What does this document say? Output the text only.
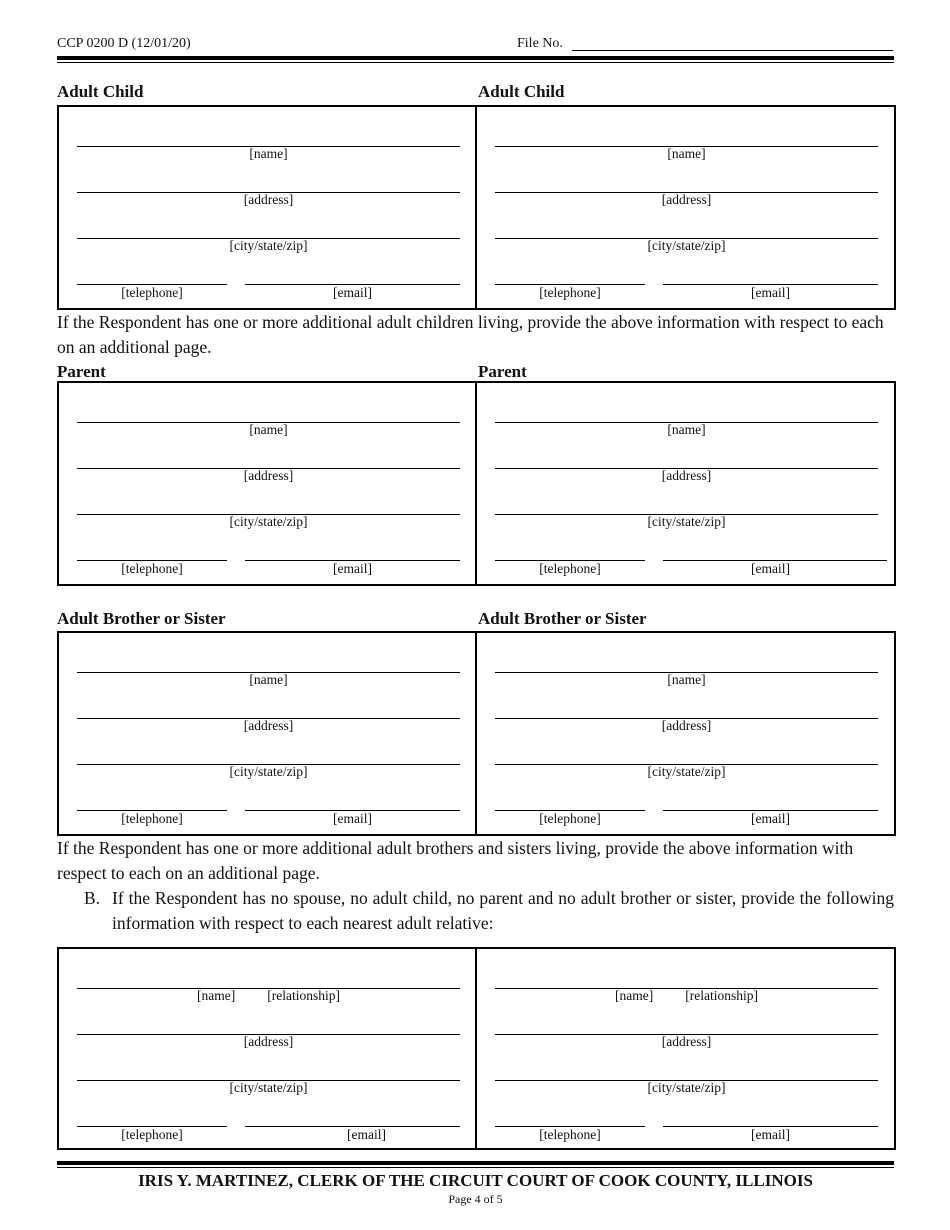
CCP 0200 D (12/01/20)	File No.
Adult Child	Adult Child
[name]
[address]
[city/state/zip]
[telephone]	[email]
[name]
[address]
[city/state/zip]
[telephone]	[email]
If the Respondent has one or more additional adult children living, provide the above information with respect to each on an additional page.
Parent	Parent
[name]
[address]
[city/state/zip]
[telephone]	[email]
[name]
[address]
[city/state/zip]
[telephone]	[email]
Adult Brother or Sister	Adult Brother or Sister
[name]
[address]
[city/state/zip]
[telephone]	[email]
[name]
[address]
[city/state/zip]
[telephone]	[email]
If the Respondent has one or more additional adult brothers and sisters living, provide the above information with respect to each on an additional page.
B. If the Respondent has no spouse, no adult child, no parent and no adult brother or sister, provide the following information with respect to each nearest adult relative:
[name] [relationship]
[address]
[city/state/zip]
[telephone]	[email]
[name] [relationship]
[address]
[city/state/zip]
[telephone]	[email]
IRIS Y. MARTINEZ, CLERK OF THE CIRCUIT COURT OF COOK COUNTY, ILLINOIS
Page 4 of 5
